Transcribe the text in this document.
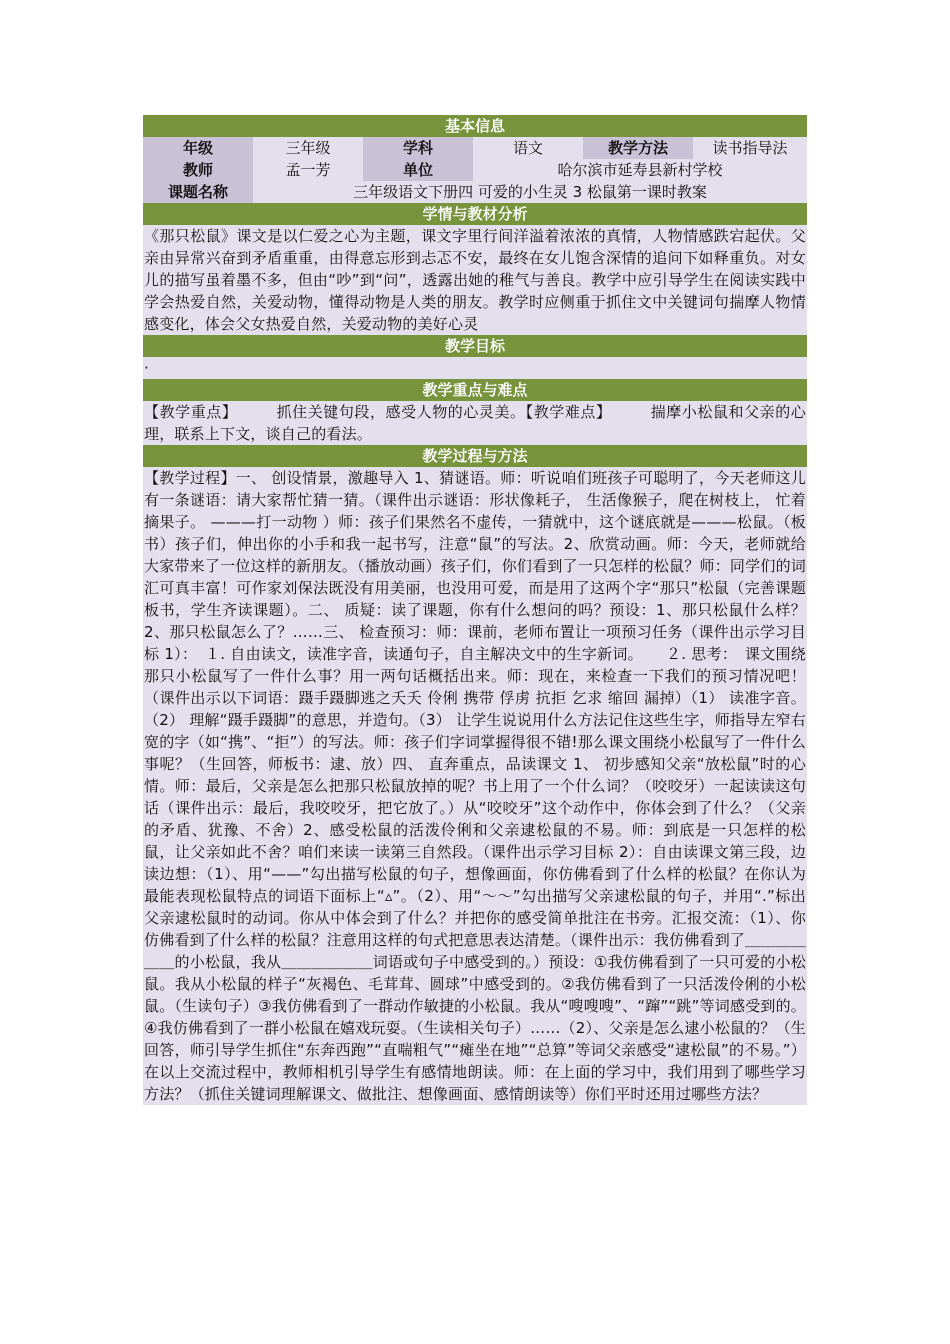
基本信息
年级	三年级	学科	语文	教学方法	读书指导法
教师	孟一芳	单位	哈尔滨市延寿县新村学校
课题名称	三年级语文下册四 可爱的小生灵 3 松鼠第一课时教案
学情与教材分析

《那只松鼠》课文是以仁爱之心为主题，课文字里行间洋溢着浓浓的真情，人物情感跌宕起伏。父亲由异常兴奋到矛盾重重，由得意忘形到忐忑不安，最终在女儿饱含深情的追问下如释重负。对女儿的描写虽着墨不多，但由“吵”到“问”，透露出她的稚气与善良。教学中应引导学生在阅读实践中学会热爱自然，关爱动物，懂得动物是人类的朋友。教学时应侧重于抓住文中关键词句揣摩人物情感变化，体会父女热爱自然，关爱动物的美好心灵

教学目标
·
教学重点与难点

【教学重点】　　　抓住关键句段，感受人物的心灵美。【教学难点】　　　揣摩小松鼠和父亲的心理，联系上下文，谈自己的看法。

教学过程与方法

【教学过程】一、 创设情景，激趣导入 1、猜谜语。师：听说咱们班孩子可聪明了，今天老师这儿有一条谜语：请大家帮忙猜一猜。（课件出示谜语：形状像耗子， 生活像猴子，爬在树枝上， 忙着摘果子。 ———打一动物 ）师：孩子们果然名不虚传，一猜就中，这个谜底就是———松鼠。（板书）孩子们，伸出你的小手和我一起书写，注意“鼠”的写法。2、欣赏动画。师：今天，老师就给大家带来了一位这样的新朋友。（播放动画）孩子们，你们看到了一只怎样的松鼠？师：同学们的词汇可真丰富！可作家刘保法既没有用美丽，也没用可爱，而是用了这两个字“那只”松鼠（完善课题板书，学生齐读课题）。二、 质疑：读了课题，你有什么想问的吗？预设：1、那只松鼠什么样？2、那只松鼠怎么了？……三、 检查预习：师：课前，老师布置让一项预习任务（课件出示学习目标 1）：　１. 自由读文，读准字音，读通句子，自主解决文中的生字新词。　　２. 思考：　课文围绕那只小松鼠写了一件什么事？用一两句话概括出来。师：现在，来检查一下我们的预习情况吧！（课件出示以下词语：蹑手蹑脚逃之夭夭 伶俐 携带 俘虏 抗拒 乞求 缩回 漏掉）（1） 读准字音。（2） 理解“蹑手蹑脚”的意思，并造句。（3） 让学生说说用什么方法记住这些生字，师指导左窄右宽的字（如“携”、“拒”）的写法。师：孩子们字词掌握得很不错!那么课文围绕小松鼠写了一件什么事呢？（生回答，师板书：逮、放）四、 直奔重点，品读课文 1、 初步感知父亲“放松鼠”时的心情。师：最后，父亲是怎么把那只松鼠放掉的呢？书上用了一个什么词？（咬咬牙）一起读读这句话（课件出示：最后，我咬咬牙，把它放了。）从“咬咬牙”这个动作中，你体会到了什么？（父亲的矛盾、犹豫、不舍）2、感受松鼠的活泼伶俐和父亲逮松鼠的不易。师：到底是一只怎样的松鼠，让父亲如此不舍？咱们来读一读第三自然段。（课件出示学习目标 2）：自由读课文第三段，边读边想：（1）、用“——”勾出描写松鼠的句子，想像画面，你仿佛看到了什么样的松鼠？在你认为最能表现松鼠特点的词语下面标上“▵”。（2）、用“～～”勾出描写父亲逮松鼠的句子，并用“.”标出父亲逮松鼠时的动词。你从中体会到了什么？并把你的感受简单批注在书旁。汇报交流：（1）、你仿佛看到了什么样的松鼠？注意用这样的句式把意思表达清楚。（课件出示：我仿佛看到了＿＿＿＿＿＿的小松鼠，我从＿＿＿＿＿＿词语或句子中感受到的。）预设：①我仿佛看到了一只可爱的小松鼠。我从小松鼠的样子“灰褐色、毛茸茸、圆球”中感受到的。②我仿佛看到了一只活泼伶俐的小松鼠。（生读句子）③我仿佛看到了一群动作敏捷的小松鼠。我从“嗖嗖嗖”、“蹿”“跳”等词感受到的。④我仿佛看到了一群小松鼠在嬉戏玩耍。（生读相关句子）……（2）、父亲是怎么逮小松鼠的？（生回答，师引导学生抓住“东奔西跑”“直喘粗气”“瘫坐在地”“总算”等词父亲感受“逮松鼠”的不易。”）在以上交流过程中，教师相机引导学生有感情地朗读。师：在上面的学习中，我们用到了哪些学习方法？（抓住关键词理解课文、做批注、想像画面、感情朗读等）你们平时还用过哪些方法？
